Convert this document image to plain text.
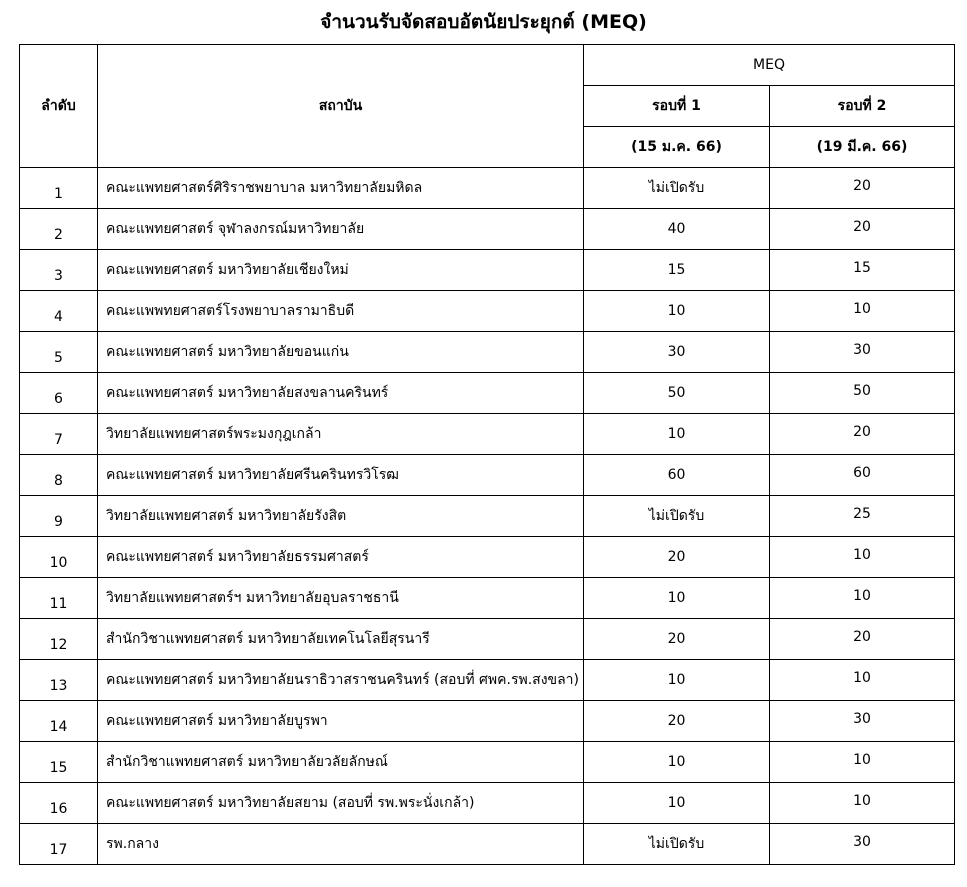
จำนวนรับจัดสอบอัตนัยประยุกต์ (MEQ)
ลำดับ	สถาบัน	MEQ	
		รอบที่ 1	รอบที่ 2
		(15 ม.ค. 66)	(19 มี.ค. 66)
1	คณะแพทยศาสตร์ศิริราชพยาบาล มหาวิทยาลัยมหิดล	ไม่เปิดรับ	20
2	คณะแพทยศาสตร์ จุฬาลงกรณ์มหาวิทยาลัย	40	20
3	คณะแพทยศาสตร์ มหาวิทยาลัยเชียงใหม่	15	15
4	คณะแพพทยศาสตร์โรงพยาบาลรามาธิบดี	10	10
5	คณะแพทยศาสตร์ มหาวิทยาลัยขอนแก่น	30	30
6	คณะแพทยศาสตร์ มหาวิทยาลัยสงขลานครินทร์	50	50
7	วิทยาลัยแพทยศาสตร์พระมงกุฎเกล้า	10	20
8	คณะแพทยศาสตร์ มหาวิทยาลัยศรีนครินทรวิโรฒ	60	60
9	วิทยาลัยแพทยศาสตร์ มหาวิทยาลัยรังสิต	ไม่เปิดรับ	25
10	คณะแพทยศาสตร์ มหาวิทยาลัยธรรมศาสตร์	20	10
11	วิทยาลัยแพทยศาสตร์ฯ มหาวิทยาลัยอุบลราชธานี	10	10
12	สำนักวิชาแพทยศาสตร์ มหาวิทยาลัยเทคโนโลยีสุรนารี	20	20
13	คณะแพทยศาสตร์ มหาวิทยาลัยนราธิวาสราชนครินทร์ (สอบที่ ศพค.รพ.สงขลา)	10	10
14	คณะแพทยศาสตร์ มหาวิทยาลัยบูรพา	20	30
15	สำนักวิชาแพทยศาสตร์ มหาวิทยาลัยวลัยลักษณ์	10	10
16	คณะแพทยศาสตร์ มหาวิทยาลัยสยาม (สอบที่ รพ.พระนั่งเกล้า)	10	10
17	รพ.กลาง	ไม่เปิดรับ	30
